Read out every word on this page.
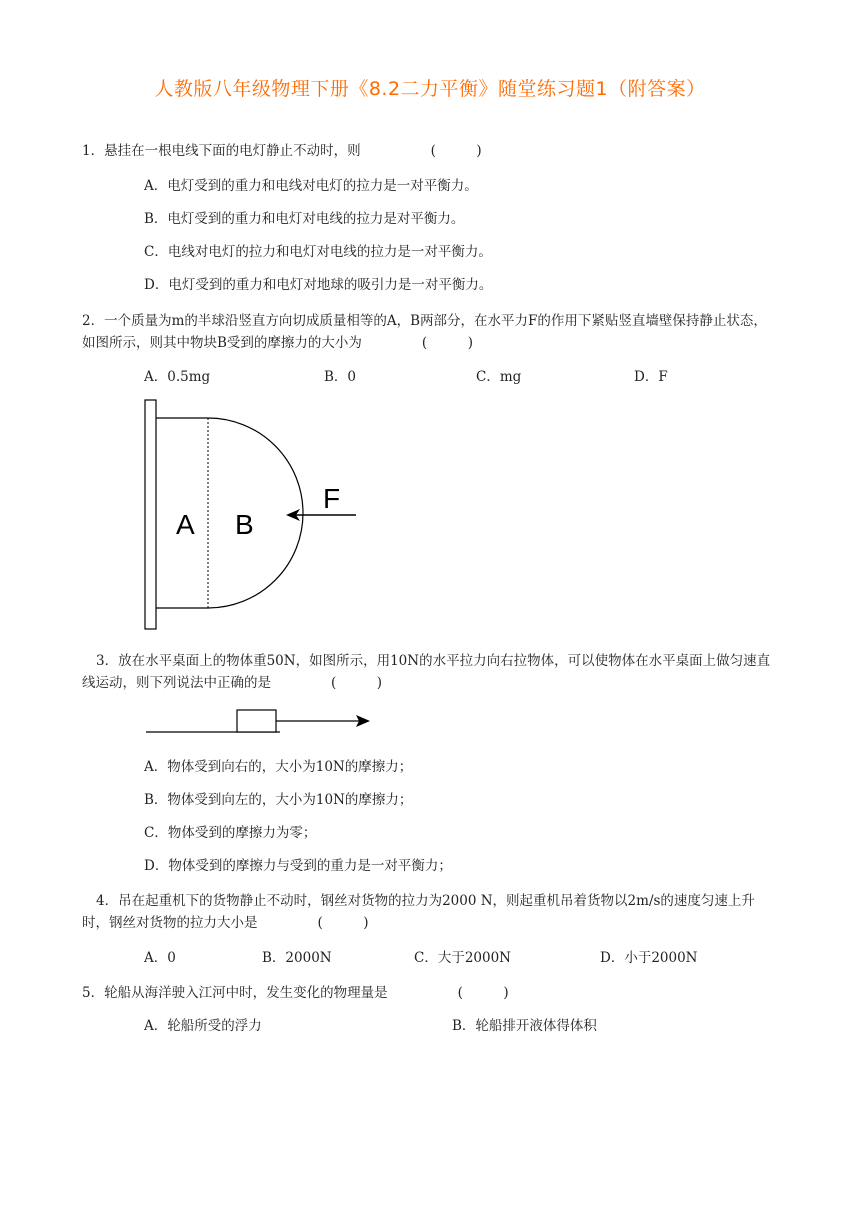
人教版八年级物理下册《8.2二力平衡》随堂练习题1（附答案）
1．悬挂在一根电线下面的电灯静止不动时，则	(　　　)
A．电灯受到的重力和电线对电灯的拉力是一对平衡力。
B．电灯受到的重力和电灯对电线的拉力是对平衡力。
C．电线对电灯的拉力和电灯对电线的拉力是一对平衡力。
D．电灯受到的重力和电灯对地球的吸引力是一对平衡力。
2．一个质量为m的半球沿竖直方向切成质量相等的A，B两部分，在水平力F的作用下紧贴竖直墙壁保持静止状态，如图所示，则其中物块B受到的摩擦力的大小为	(　　　)
A．0.5mg	B．0	C．mg	D．F
A B
F
3．放在水平桌面上的物体重50N，如图所示，用10N的水平拉力向右拉物体，可以使物体在水平桌面上做匀速直线运动，则下列说法中正确的是	(　　　)
A．物体受到向右的，大小为10N的摩擦力；
B．物体受到向左的，大小为10N的摩擦力；
C．物体受到的摩擦力为零；
D．物体受到的摩擦力与受到的重力是一对平衡力；
4．吊在起重机下的货物静止不动时，钢丝对货物的拉力为2000 N，则起重机吊着货物以2m/s的速度匀速上升时，钢丝对货物的拉力大小是	(　　　)
A．0	B．2000N	C．大于2000N	D．小于2000N
5．轮船从海洋驶入江河中时，发生变化的物理量是	(　　　)
A．轮船所受的浮力	B．轮船排开液体得体积
